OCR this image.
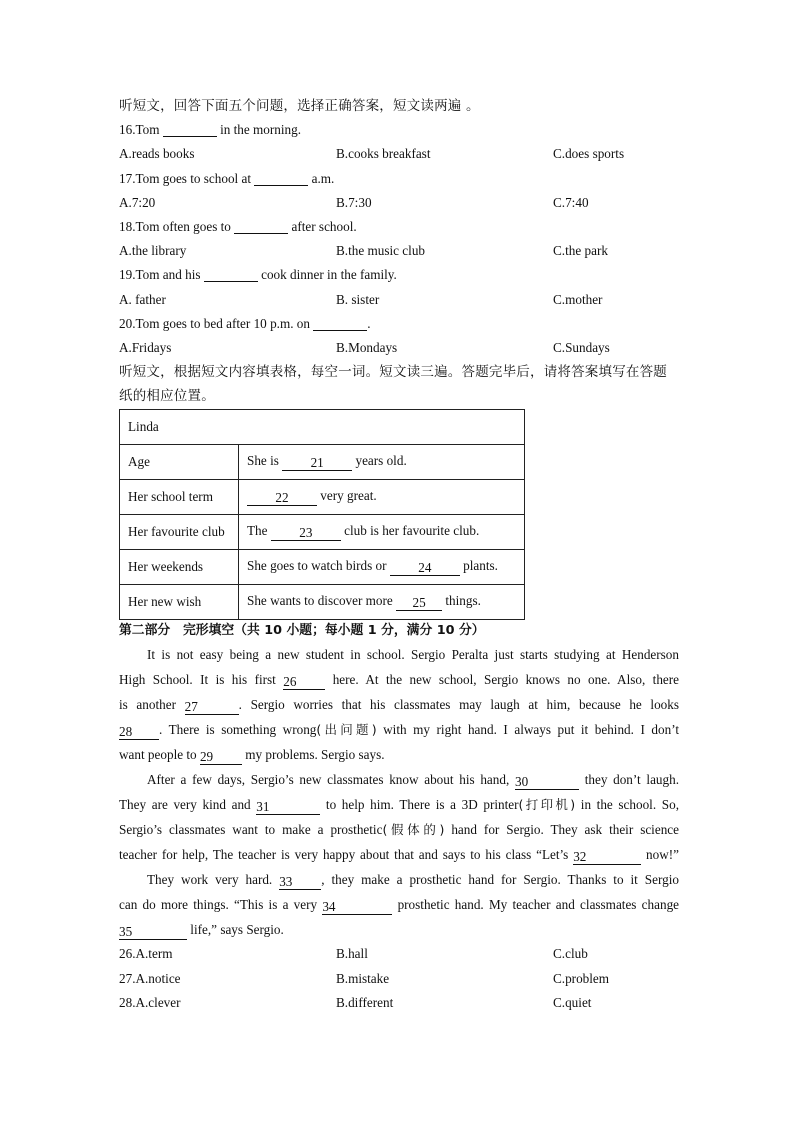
听短文，回答下面五个问题，选择正确答案，短文读两遍 。
16.Tom	in the morning.
A.reads books	B.cooks breakfast	C.does sports
17.Tom goes to school at	a.m.
A.7:20	B.7:30	C.7:40
18.Tom often goes to	after school.
A.the library	B.the music club	C.the park
19.Tom and his	cook dinner in the family.
A. father	B. sister	C.mother
20.Tom goes to bed after 10 p.m. on	.
A.Fridays	B.Mondays	C.Sundays
听短文，根据短文内容填表格，每空一词。短文读三遍。答题完毕后，请将答案填写在答题
纸的相应位置。
Linda	
Age	She is 21 years old.
Her school term	22 very great.
Her favourite club	The 23 club is her favourite club.
Her weekends	She goes to watch birds or 24 plants.
Her new wish	She wants to discover more 25 things.
第二部分　完形填空（共 10 小题；每小题 1 分，满分 10 分）
It is not easy being a new student in school. Sergio Peralta just starts studying at Henderson
High School. It is his first 26	here. At the new school, Sergio knows no one. Also, there
is another 27	. Sergio worries that his classmates may laugh at him, because he looks
28 . There is something wrong(出问题) with my right hand. I always put it behind. I don’t
want people to 29 my problems. Sergio says.
After a few days, Sergio’s new classmates know about his hand, 30	they don’t laugh.
They are very kind and 31	to help him. There is a 3D printer(打印机) in the school. So,
Sergio’s classmates want to make a prosthetic(假体的) hand for Sergio. They ask their science
teacher for help, The teacher is very happy about that and says to his class “Let’s 32	now!”
They work very hard. 33 , they make a prosthetic hand for Sergio. Thanks to it Sergio
can do more things. “This is a very 34	prosthetic hand. My teacher and classmates change
35	life,” says Sergio.
26.A.term	B.hall	C.club
27.A.notice	B.mistake	C.problem
28.A.clever	B.different	C.quiet
